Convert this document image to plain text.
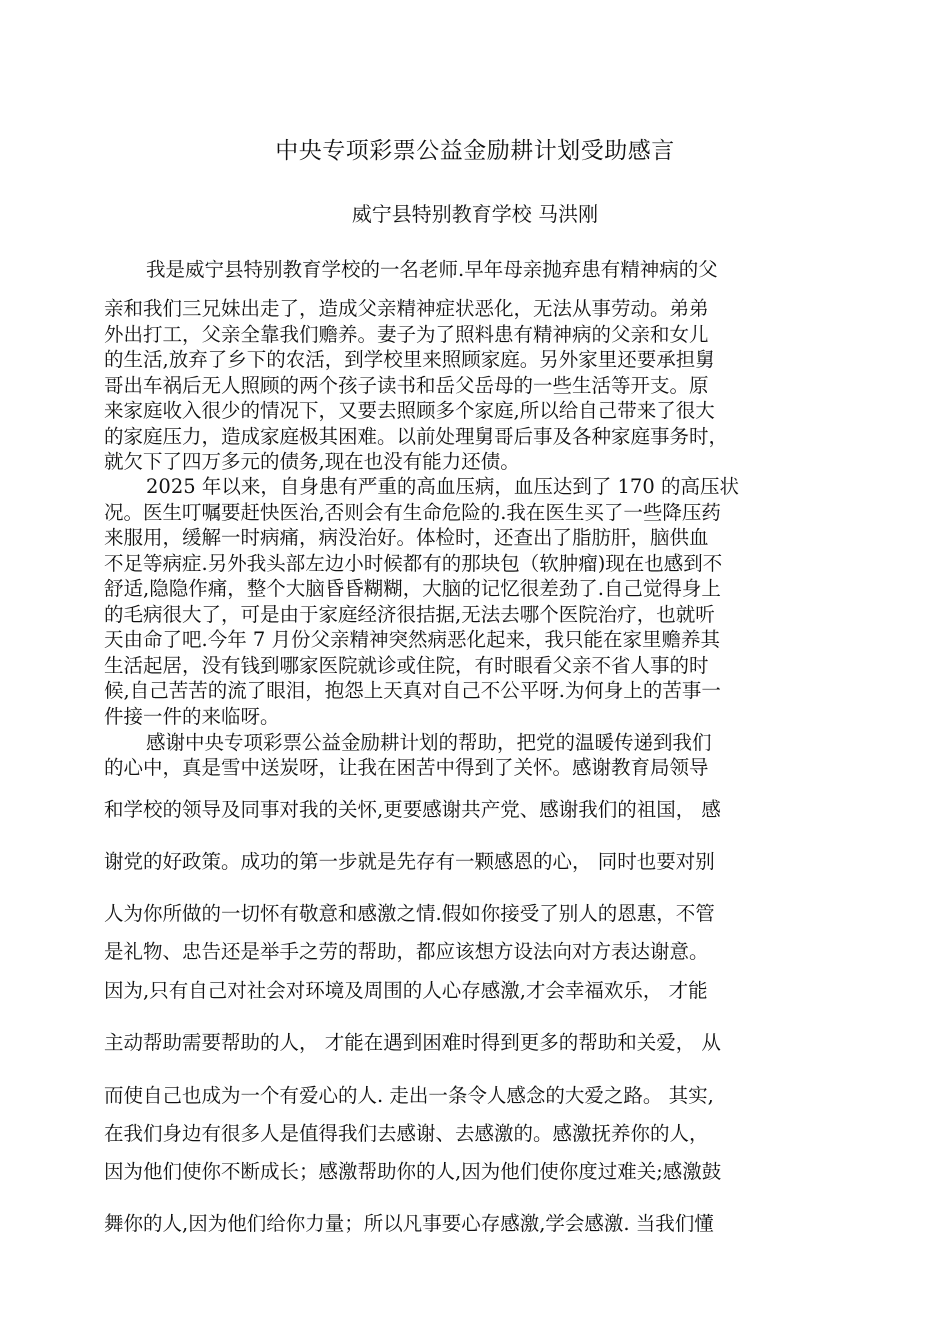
中央专项彩票公益金励耕计划受助感言
威宁县特别教育学校 马洪刚
我是威宁县特别教育学校的一名老师.早年母亲抛弃患有精神病的父
亲和我们三兄妹出走了，造成父亲精神症状恶化，无法从事劳动。弟弟
外出打工，父亲全靠我们赡养。妻子为了照料患有精神病的父亲和女儿
的生活,放弃了乡下的农活，到学校里来照顾家庭。另外家里还要承担舅
哥出车祸后无人照顾的两个孩子读书和岳父岳母的一些生活等开支。原
来家庭收入很少的情况下，又要去照顾多个家庭,所以给自己带来了很大
的家庭压力，造成家庭极其困难。以前处理舅哥后事及各种家庭事务时，
就欠下了四万多元的债务,现在也没有能力还债。
2025 年以来，自身患有严重的高血压病，血压达到了 170 的高压状
况。医生叮嘱要赶快医治,否则会有生命危险的.我在医生买了一些降压药
来服用，缓解一时病痛，病没治好。体检时，还查出了脂肪肝，脑供血
不足等病症.另外我头部左边小时候都有的那块包（软肿瘤)现在也感到不
舒适,隐隐作痛，整个大脑昏昏糊糊，大脑的记忆很差劲了.自己觉得身上
的毛病很大了，可是由于家庭经济很拮据,无法去哪个医院治疗，也就听
天由命了吧.今年 7 月份父亲精神突然病恶化起来，我只能在家里赡养其
生活起居，没有钱到哪家医院就诊或住院，有时眼看父亲不省人事的时
候,自己苦苦的流了眼泪，抱怨上天真对自己不公平呀.为何身上的苦事一
件接一件的来临呀。
感谢中央专项彩票公益金励耕计划的帮助，把党的温暖传递到我们
的心中，真是雪中送炭呀，让我在困苦中得到了关怀。感谢教育局领导
和学校的领导及同事对我的关怀,更要感谢共产党、感谢我们的祖国， 感
谢党的好政策。成功的第一步就是先存有一颗感恩的心， 同时也要对别
人为你所做的一切怀有敬意和感激之情.假如你接受了别人的恩惠，不管
是礼物、忠告还是举手之劳的帮助，都应该想方设法向对方表达谢意。
因为,只有自己对社会对环境及周围的人心存感激,才会幸福欢乐， 才能
主动帮助需要帮助的人， 才能在遇到困难时得到更多的帮助和关爱， 从
而使自己也成为一个有爱心的人. 走出一条令人感念的大爱之路。 其实,
在我们身边有很多人是值得我们去感谢、去感激的。感激抚养你的人，
因为他们使你不断成长；感激帮助你的人,因为他们使你度过难关;感激鼓
舞你的人,因为他们给你力量；所以凡事要心存感激,学会感激. 当我们懂
